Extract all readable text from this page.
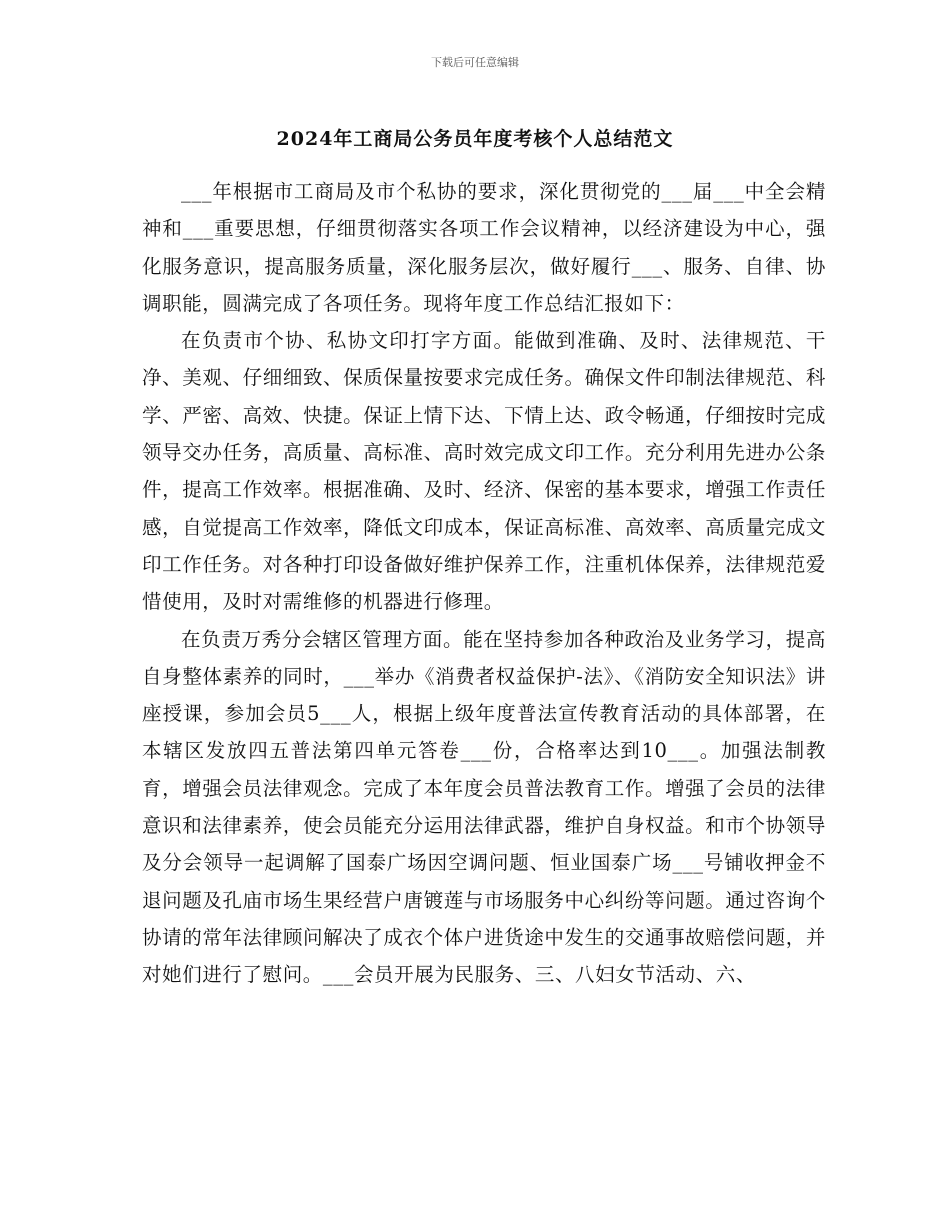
下载后可任意编辑
2024年工商局公务员年度考核个人总结范文

___年根据市工商局及市个私协的要求，深化贯彻党的___届___中全会精神和___重要思想，仔细贯彻落实各项工作会议精神，以经济建设为中心，强化服务意识，提高服务质量，深化服务层次，做好履行___、服务、自律、协调职能，圆满完成了各项任务。现将年度工作总结汇报如下：

在负责市个协、私协文印打字方面。能做到准确、及时、法律规范、干净、美观、仔细细致、保质保量按要求完成任务。确保文件印制法律规范、科学、严密、高效、快捷。保证上情下达、下情上达、政令畅通，仔细按时完成领导交办任务，高质量、高标准、高时效完成文印工作。充分利用先进办公条件，提高工作效率。根据准确、及时、经济、保密的基本要求，增强工作责任感，自觉提高工作效率，降低文印成本，保证高标准、高效率、高质量完成文印工作任务。对各种打印设备做好维护保养工作，注重机体保养，法律规范爱惜使用，及时对需维修的机器进行修理。

在负责万秀分会辖区管理方面。能在坚持参加各种政治及业务学习，提高自身整体素养的同时，___举办《消费者权益保护-法》、《消防安全知识法》讲座授课，参加会员5___人，根据上级年度普法宣传教育活动的具体部署，在本辖区发放四五普法第四单元答卷___份，合格率达到10___。加强法制教育，增强会员法律观念。完成了本年度会员普法教育工作。增强了会员的法律意识和法律素养，使会员能充分运用法律武器，维护自身权益。和市个协领导及分会领导一起调解了国泰广场因空调问题、恒业国泰广场___号铺收押金不退问题及孔庙市场生果经营户唐镀莲与市场服务中心纠纷等问题。通过咨询个协请的常年法律顾问解决了成衣个体户进货途中发生的交通事故赔偿问题，并对她们进行了慰问。___会员开展为民服务、三、八妇女节活动、六、
